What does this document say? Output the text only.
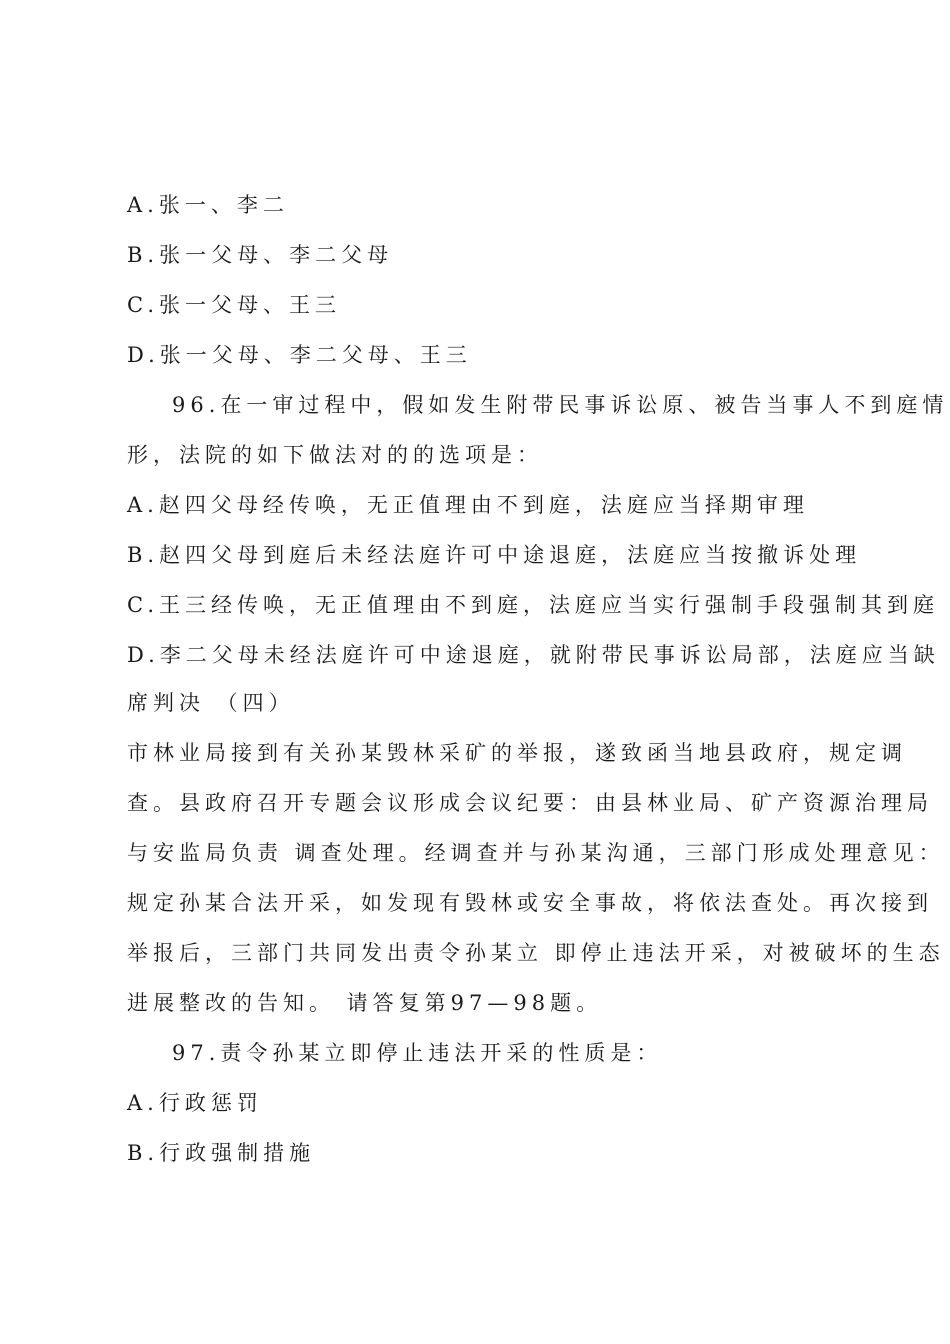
A.张一、李二
B.张一父母、李二父母
C.张一父母、王三
D.张一父母、李二父母、王三
96.在一审过程中，假如发生附带民事诉讼原、被告当事人不到庭情
形，法院的如下做法对的的选项是：
A.赵四父母经传唤，无正值理由不到庭，法庭应当择期审理
B.赵四父母到庭后未经法庭许可中途退庭，法庭应当按撤诉处理
C.王三经传唤，无正值理由不到庭，法庭应当实行强制手段强制其到庭
D.李二父母未经法庭许可中途退庭，就附带民事诉讼局部，法庭应当缺
席判决 （四）
市林业局接到有关孙某毁林采矿的举报，遂致函当地县政府，规定调
查。县政府召开专题会议形成会议纪要：由县林业局、矿产资源治理局
与安监局负责 调查处理。经调查并与孙某沟通，三部门形成处理意见：
规定孙某合法开采，如发现有毁林或安全事故，将依法查处。再次接到
举报后，三部门共同发出责令孙某立 即停止违法开采，对被破坏的生态
进展整改的告知。 请答复第97—98题。
97.责令孙某立即停止违法开采的性质是：
A.行政惩罚
B.行政强制措施
